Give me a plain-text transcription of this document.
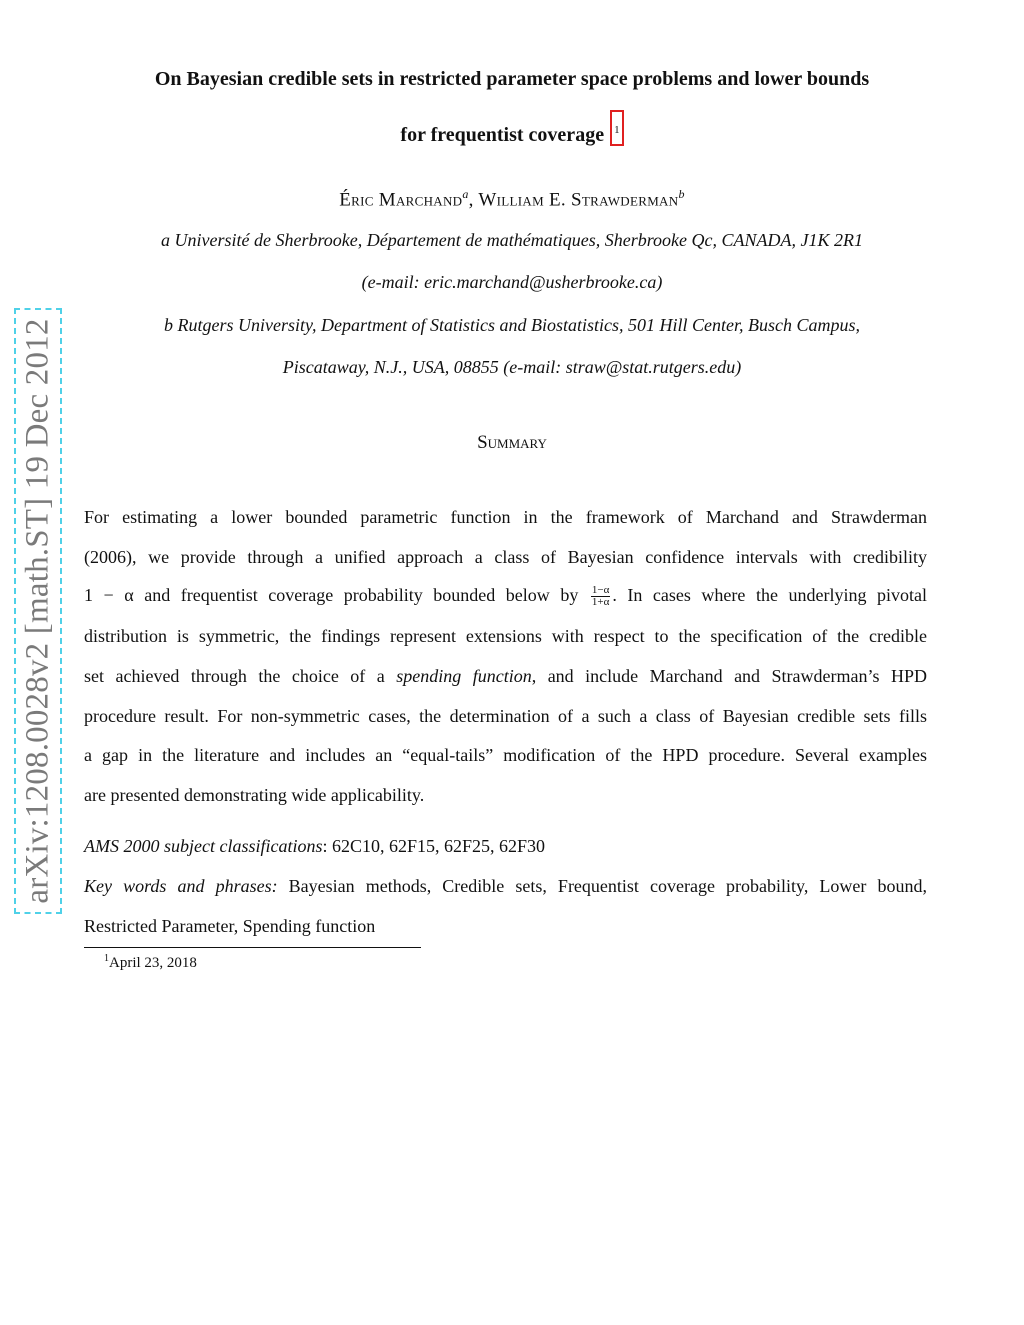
arXiv:1208.0028v2 [math.ST] 19 Dec 2012
On Bayesian credible sets in restricted parameter space problems and lower bounds
for frequentist coverage 1
Éric Marchand$^a$, William E. Strawderman$^b$
a Université de Sherbrooke, Département de mathématiques, Sherbrooke Qc, CANADA, J1K 2R1
(e-mail: eric.marchand@usherbrooke.ca)
b Rutgers University, Department of Statistics and Biostatistics, 501 Hill Center, Busch Campus,
Piscataway, N.J., USA, 08855 (e-mail: straw@stat.rutgers.edu)
Summary
For estimating a lower bounded parametric function in the framework of Marchand and Strawderman
(2006), we provide through a unified approach a class of Bayesian confidence intervals with credibility
1 − α and frequentist coverage probability bounded below by $\frac{1-\alpha}{1+\alpha}$ . In cases where the underlying pivotal
distribution is symmetric, the findings represent extensions with respect to the specification of the credible
set achieved through the choice of a spending function, and include Marchand and Strawderman’s HPD
procedure result. For non-symmetric cases, the determination of a such a class of Bayesian credible sets fills
a gap in the literature and includes an “equal-tails” modification of the HPD procedure. Several examples
are presented demonstrating wide applicability.
AMS 2000 subject classifications: 62C10, 62F15, 62F25, 62F30
Key words and phrases: Bayesian methods, Credible sets, Frequentist coverage probability, Lower bound,
Restricted Parameter, Spending function
$^1$April 23, 2018
